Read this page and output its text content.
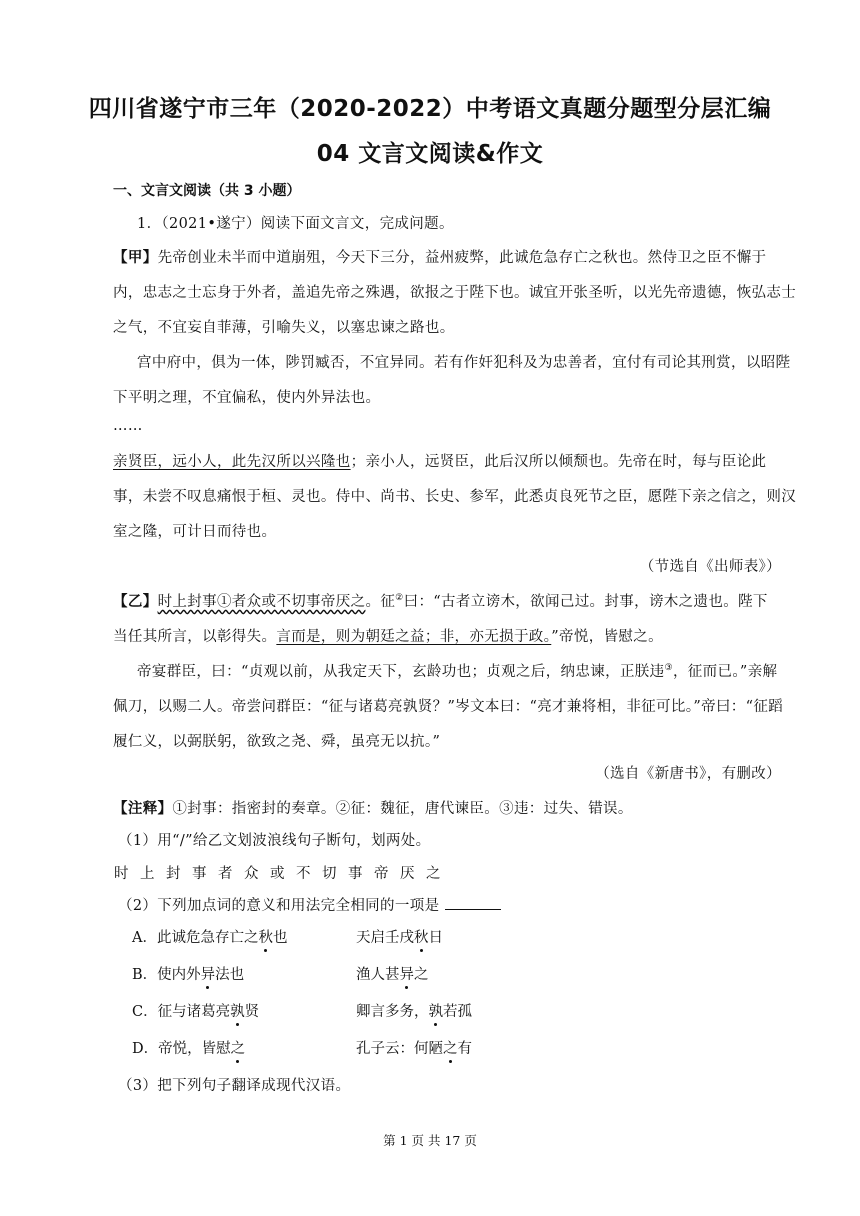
四川省遂宁市三年（2020-2022）中考语文真题分题型分层汇编
04 文言文阅读&作文
一、文言文阅读（共 3 小题）
1．（2021•遂宁）阅读下面文言文，完成问题。
【甲】先帝创业未半而中道崩殂，今天下三分，益州疲弊，此诚危急存亡之秋也。然侍卫之臣不懈于
内，忠志之士忘身于外者，盖追先帝之殊遇，欲报之于陛下也。诚宜开张圣听，以光先帝遗德，恢弘志士
之气，不宜妄自菲薄，引喻失义，以塞忠谏之路也。
宫中府中，俱为一体，陟罚臧否，不宜异同。若有作奸犯科及为忠善者，宜付有司论其刑赏，以昭陛
下平明之理，不宜偏私，使内外异法也。
……
亲贤臣，远小人，此先汉所以兴隆也；亲小人，远贤臣，此后汉所以倾颓也。先帝在时，每与臣论此
事，未尝不叹息痛恨于桓、灵也。侍中、尚书、长史、参军，此悉贞良死节之臣，愿陛下亲之信之，则汉
室之隆，可计日而待也。
（节选自《出师表》）
【乙】时上封事①者众或不切事帝厌之。征②曰：“古者立谤木，欲闻己过。封事，谤木之遗也。陛下
当任其所言，以彰得失。言而是，则为朝廷之益；非，亦无损于政。”帝悦，皆慰之。
帝宴群臣，曰：“贞观以前，从我定天下，玄龄功也；贞观之后，纳忠谏，正朕违③，征而已。”亲解
佩刀，以赐二人。帝尝问群臣：“征与诸葛亮孰贤？”岑文本曰：“亮才兼将相，非征可比。”帝曰：“征蹈
履仁义，以弼朕躬，欲致之尧、舜，虽亮无以抗。”
（选自《新唐书》，有删改）
【注释】①封事：指密封的奏章。②征：魏征，唐代谏臣。③违：过失、错误。
（1）用“/”给乙文划波浪线句子断句，划两处。
时上封事者众或不切事帝厌之
（2）下列加点词的意义和用法完全相同的一项是
A．此诚危急存亡之秋也	天启壬戌秋日
B．使内外异法也	渔人甚异之
C．征与诸葛亮孰贤	卿言多务，孰若孤
D．帝悦，皆慰之	孔子云：何陋之有
（3）把下列句子翻译成现代汉语。
第 1 页 共 17 页
